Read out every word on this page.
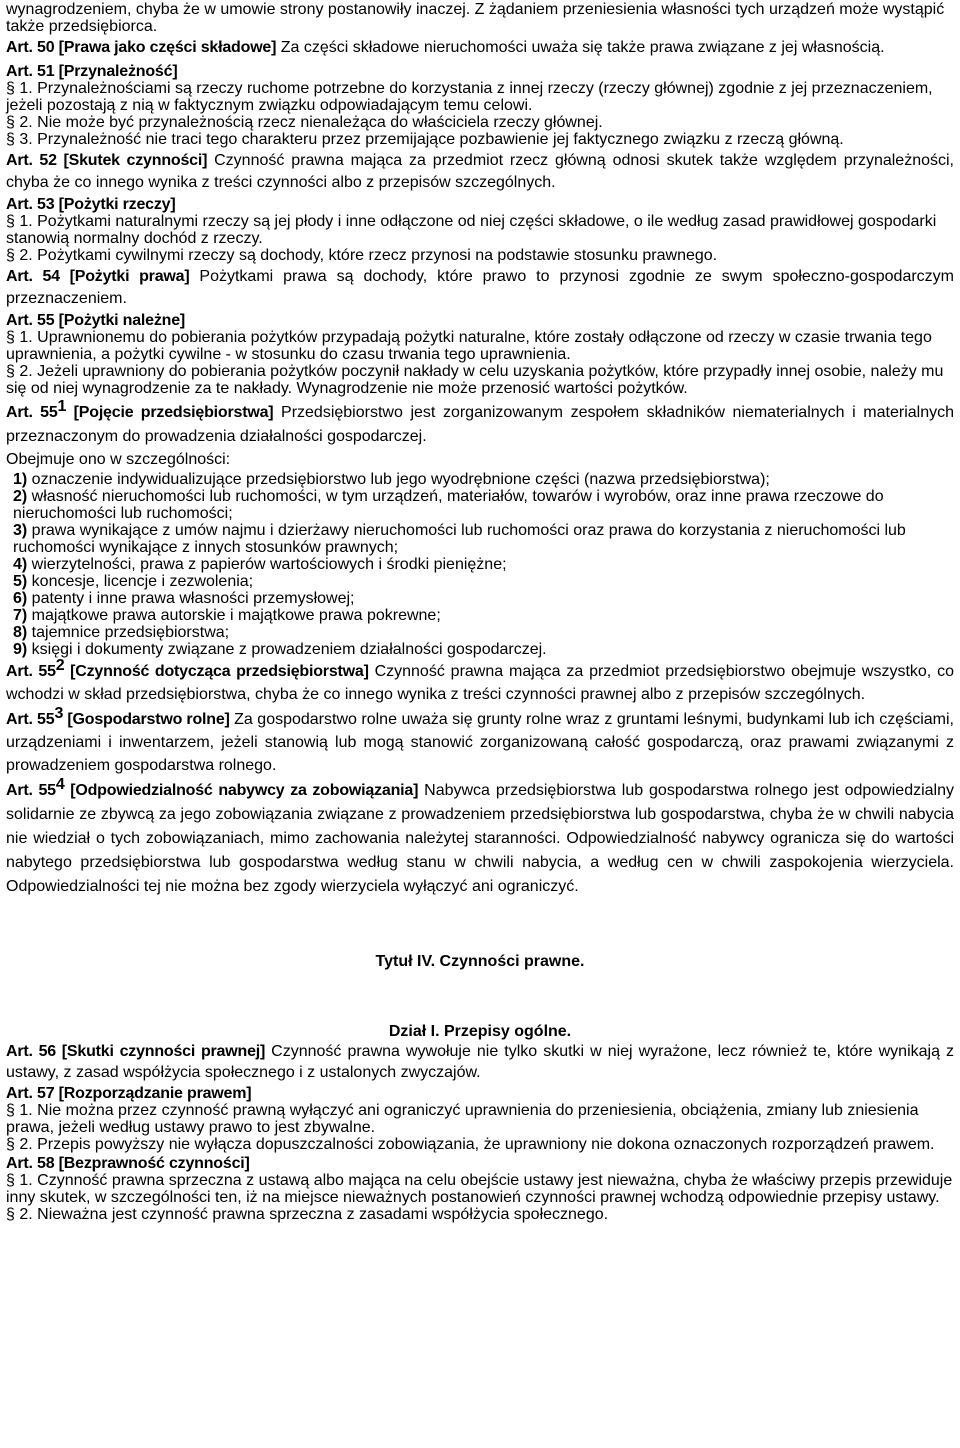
wynagrodzeniem, chyba że w umowie strony postanowiły inaczej. Z żądaniem przeniesienia własności tych urządzeń może wystąpić także przedsiębiorca.

Art. 50 [Prawa jako części składowe] Za części składowe nieruchomości uważa się także prawa związane z jej własnością.

Art. 51 [Przynależność]

§ 1. Przynależnościami są rzeczy ruchome potrzebne do korzystania z innej rzeczy (rzeczy głównej) zgodnie z jej przeznaczeniem, jeżeli pozostają z nią w faktycznym związku odpowiadającym temu celowi.

§ 2. Nie może być przynależnością rzecz nienależąca do właściciela rzeczy głównej.

§ 3. Przynależność nie traci tego charakteru przez przemijające pozbawienie jej faktycznego związku z rzeczą główną.

Art. 52 [Skutek czynności] Czynność prawna mająca za przedmiot rzecz główną odnosi skutek także względem przynależności, chyba że co innego wynika z treści czynności albo z przepisów szczególnych.

Art. 53 [Pożytki rzeczy]

§ 1. Pożytkami naturalnymi rzeczy są jej płody i inne odłączone od niej części składowe, o ile według zasad prawidłowej gospodarki stanowią normalny dochód z rzeczy.

§ 2. Pożytkami cywilnymi rzeczy są dochody, które rzecz przynosi na podstawie stosunku prawnego.

Art. 54 [Pożytki prawa] Pożytkami prawa są dochody, które prawo to przynosi zgodnie ze swym społeczno-gospodarczym przeznaczeniem.

Art. 55 [Pożytki należne]

§ 1. Uprawnionemu do pobierania pożytków przypadają pożytki naturalne, które zostały odłączone od rzeczy w czasie trwania tego uprawnienia, a pożytki cywilne - w stosunku do czasu trwania tego uprawnienia.

§ 2. Jeżeli uprawniony do pobierania pożytków poczynił nakłady w celu uzyskania pożytków, które przypadły innej osobie, należy mu się od niej wynagrodzenie za te nakłady. Wynagrodzenie nie może przenosić wartości pożytków.

Art. $55^1$ [Pojęcie przedsiębiorstwa] Przedsiębiorstwo jest zorganizowanym zespołem składników niematerialnych i materialnych przeznaczonym do prowadzenia działalności gospodarczej.

Obejmuje ono w szczególności:

1) oznaczenie indywidualizujące przedsiębiorstwo lub jego wyodrębnione części (nazwa przedsiębiorstwa);

2) własność nieruchomości lub ruchomości, w tym urządzeń, materiałów, towarów i wyrobów, oraz inne prawa rzeczowe do nieruchomości lub ruchomości;

3) prawa wynikające z umów najmu i dzierżawy nieruchomości lub ruchomości oraz prawa do korzystania z nieruchomości lub ruchomości wynikające z innych stosunków prawnych;

4) wierzytelności, prawa z papierów wartościowych i środki pieniężne;

5) koncesje, licencje i zezwolenia;

6) patenty i inne prawa własności przemysłowej;

7) majątkowe prawa autorskie i majątkowe prawa pokrewne;

8) tajemnice przedsiębiorstwa;

9) księgi i dokumenty związane z prowadzeniem działalności gospodarczej.

Art. $55^2$ [Czynność dotycząca przedsiębiorstwa] Czynność prawna mająca za przedmiot przedsiębiorstwo obejmuje wszystko, co wchodzi w skład przedsiębiorstwa, chyba że co innego wynika z treści czynności prawnej albo z przepisów szczególnych.

Art. $55^3$ [Gospodarstwo rolne] Za gospodarstwo rolne uważa się grunty rolne wraz z gruntami leśnymi, budynkami lub ich częściami, urządzeniami i inwentarzem, jeżeli stanowią lub mogą stanowić zorganizowaną całość gospodarczą, oraz prawami związanymi z prowadzeniem gospodarstwa rolnego.

Art. $55^4$ [Odpowiedzialność nabywcy za zobowiązania] Nabywca przedsiębiorstwa lub gospodarstwa rolnego jest odpowiedzialny solidarnie ze zbywcą za jego zobowiązania związane z prowadzeniem przedsiębiorstwa lub gospodarstwa, chyba że w chwili nabycia nie wiedział o tych zobowiązaniach, mimo zachowania należytej staranności. Odpowiedzialność nabywcy ogranicza się do wartości nabytego przedsiębiorstwa lub gospodarstwa według stanu w chwili nabycia, a według cen w chwili zaspokojenia wierzyciela. Odpowiedzialności tej nie można bez zgody wierzyciela wyłączyć ani ograniczyć.

Tytuł IV. Czynności prawne.

Dział I. Przepisy ogólne.

Art. 56 [Skutki czynności prawnej] Czynność prawna wywołuje nie tylko skutki w niej wyrażone, lecz również te, które wynikają z ustawy, z zasad współżycia społecznego i z ustalonych zwyczajów.

Art. 57 [Rozporządzanie prawem]

§ 1. Nie można przez czynność prawną wyłączyć ani ograniczyć uprawnienia do przeniesienia, obciążenia, zmiany lub zniesienia prawa, jeżeli według ustawy prawo to jest zbywalne.

§ 2. Przepis powyższy nie wyłącza dopuszczalności zobowiązania, że uprawniony nie dokona oznaczonych rozporządzeń prawem.

Art. 58 [Bezprawność czynności]

§ 1. Czynność prawna sprzeczna z ustawą albo mająca na celu obejście ustawy jest nieważna, chyba że właściwy przepis przewiduje inny skutek, w szczególności ten, iż na miejsce nieważnych postanowień czynności prawnej wchodzą odpowiednie przepisy ustawy.

§ 2. Nieważna jest czynność prawna sprzeczna z zasadami współżycia społecznego.
